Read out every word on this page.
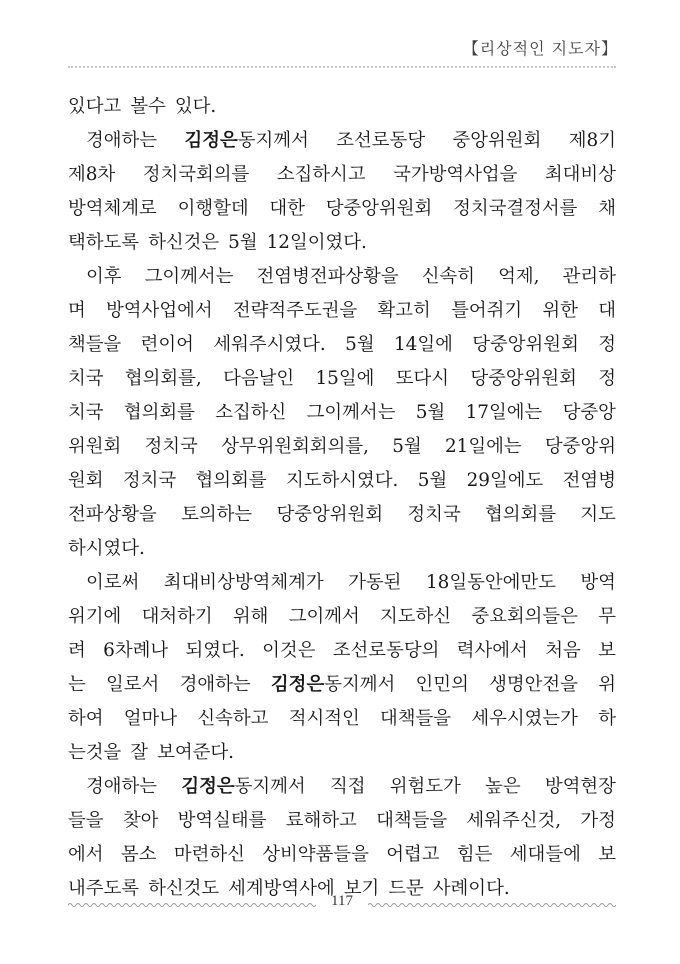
【리상적인 지도자】
있다고 볼수 있다.
경애하는 김정은동지께서 조선로동당 중앙위원회 제8기
제8차 정치국회의를 소집하시고 국가방역사업을 최대비상
방역체계로 이행할데 대한 당중앙위원회 정치국결정서를 채
택하도록 하신것은 5월 12일이였다.
이후 그이께서는 전염병전파상황을 신속히 억제, 관리하
며 방역사업에서 전략적주도권을 확고히 틀어쥐기 위한 대
책들을 련이어 세워주시였다. 5월 14일에 당중앙위원회 정
치국 협의회를, 다음날인 15일에 또다시 당중앙위원회 정
치국 협의회를 소집하신 그이께서는 5월 17일에는 당중앙
위원회 정치국 상무위원회회의를, 5월 21일에는 당중앙위
원회 정치국 협의회를 지도하시였다. 5월 29일에도 전염병
전파상황을 토의하는 당중앙위원회 정치국 협의회를 지도
하시였다.
이로써 최대비상방역체계가 가동된 18일동안에만도 방역
위기에 대처하기 위해 그이께서 지도하신 중요회의들은 무
려 6차례나 되였다. 이것은 조선로동당의 력사에서 처음 보
는 일로서 경애하는 김정은동지께서 인민의 생명안전을 위
하여 얼마나 신속하고 적시적인 대책들을 세우시였는가 하
는것을 잘 보여준다.
경애하는 김정은동지께서 직접 위험도가 높은 방역현장
들을 찾아 방역실태를 료해하고 대책들을 세워주신것, 가정
에서 몸소 마련하신 상비약품들을 어렵고 힘든 세대들에 보
내주도록 하신것도 세계방역사에 보기 드문 사례이다.
117
